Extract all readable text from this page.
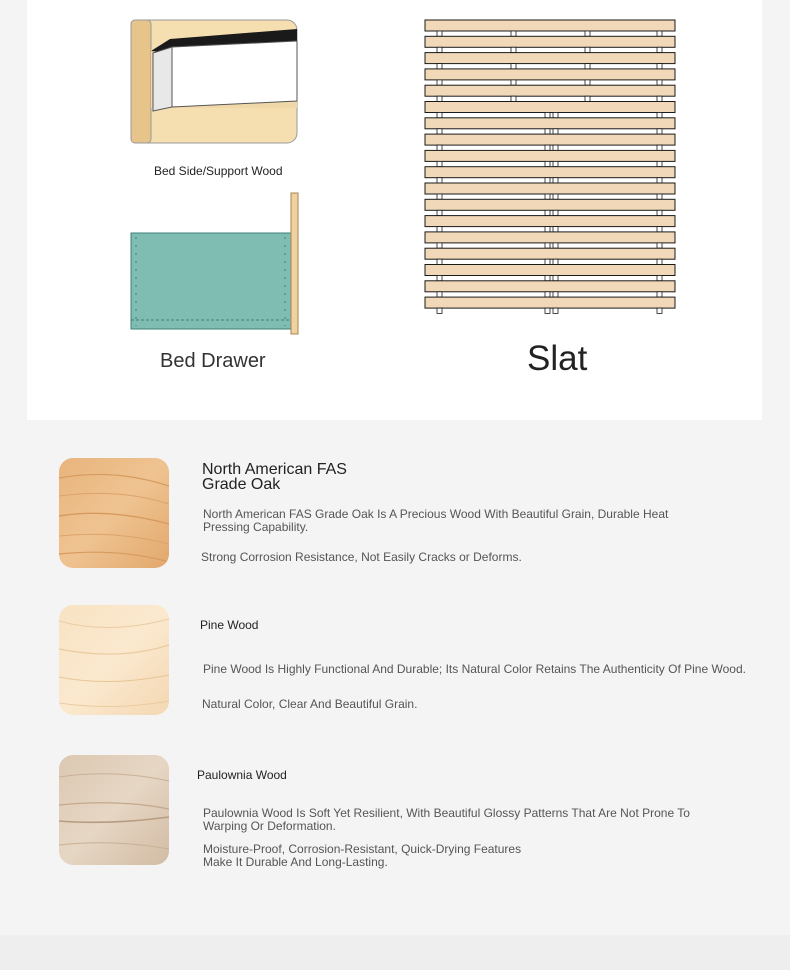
Bed Side/Support Wood
Bed Drawer	Slat
North American FAS Grade Oak
North American FAS Grade Oak Is A Precious Wood With Beautiful Grain, Durable Heat Pressing Capability.
Strong Corrosion Resistance, Not Easily Cracks or Deforms.
Pine Wood
Pine Wood Is Highly Functional And Durable; Its Natural Color Retains The Authenticity Of Pine Wood.
Natural Color, Clear And Beautiful Grain.
Paulownia Wood
Paulownia Wood Is Soft Yet Resilient, With Beautiful Glossy Patterns That Are Not Prone To Warping Or Deformation.
Moisture-Proof, Corrosion-Resistant, Quick-Drying Features Make It Durable And Long-Lasting.
